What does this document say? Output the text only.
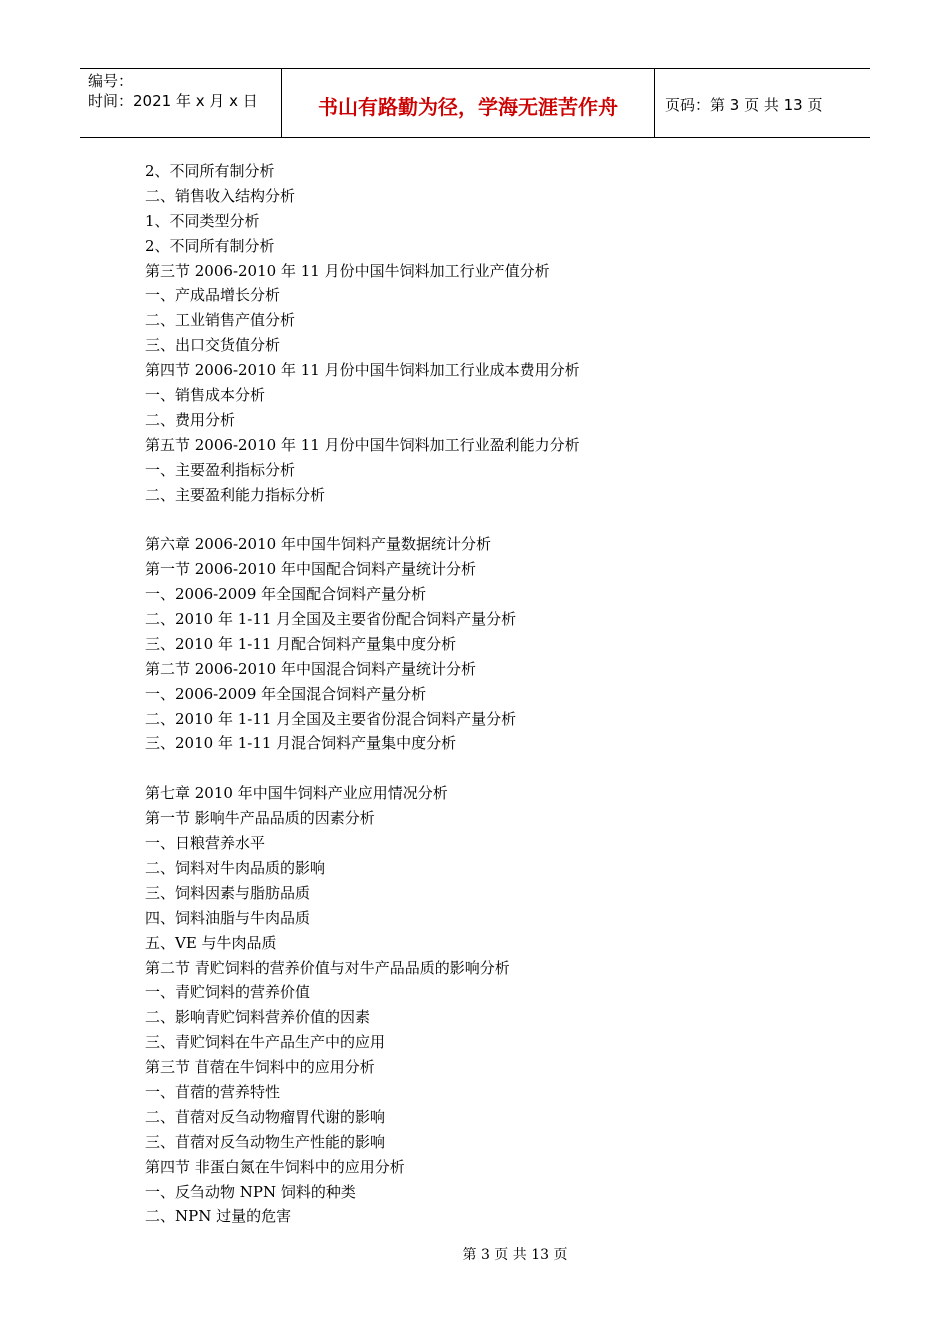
编号：
时间：2021 年 x 月 x 日	书山有路勤为径，学海无涯苦作舟	页码：第 3 页 共 13 页
2、不同所有制分析
二、销售收入结构分析
1、不同类型分析
2、不同所有制分析
第三节 2006-2010 年 11 月份中国牛饲料加工行业产值分析
一、产成品增长分析
二、工业销售产值分析
三、出口交货值分析
第四节 2006-2010 年 11 月份中国牛饲料加工行业成本费用分析
一、销售成本分析
二、费用分析
第五节 2006-2010 年 11 月份中国牛饲料加工行业盈利能力分析
一、主要盈利指标分析
二、主要盈利能力指标分析
第六章 2006-2010 年中国牛饲料产量数据统计分析
第一节 2006-2010 年中国配合饲料产量统计分析
一、2006-2009 年全国配合饲料产量分析
二、2010 年 1-11 月全国及主要省份配合饲料产量分析
三、2010 年 1-11 月配合饲料产量集中度分析
第二节 2006-2010 年中国混合饲料产量统计分析
一、2006-2009 年全国混合饲料产量分析
二、2010 年 1-11 月全国及主要省份混合饲料产量分析
三、2010 年 1-11 月混合饲料产量集中度分析
第七章 2010 年中国牛饲料产业应用情况分析
第一节 影响牛产品品质的因素分析
一、日粮营养水平
二、饲料对牛肉品质的影响
三、饲料因素与脂肪品质
四、饲料油脂与牛肉品质
五、VE 与牛肉品质
第二节 青贮饲料的营养价值与对牛产品品质的影响分析
一、青贮饲料的营养价值
二、影响青贮饲料营养价值的因素
三、青贮饲料在牛产品生产中的应用
第三节 苜蓿在牛饲料中的应用分析
一、苜蓿的营养特性
二、苜蓿对反刍动物瘤胃代谢的影响
三、苜蓿对反刍动物生产性能的影响
第四节 非蛋白氮在牛饲料中的应用分析
一、反刍动物 NPN 饲料的种类
二、NPN 过量的危害
第 3 页 共 13 页
